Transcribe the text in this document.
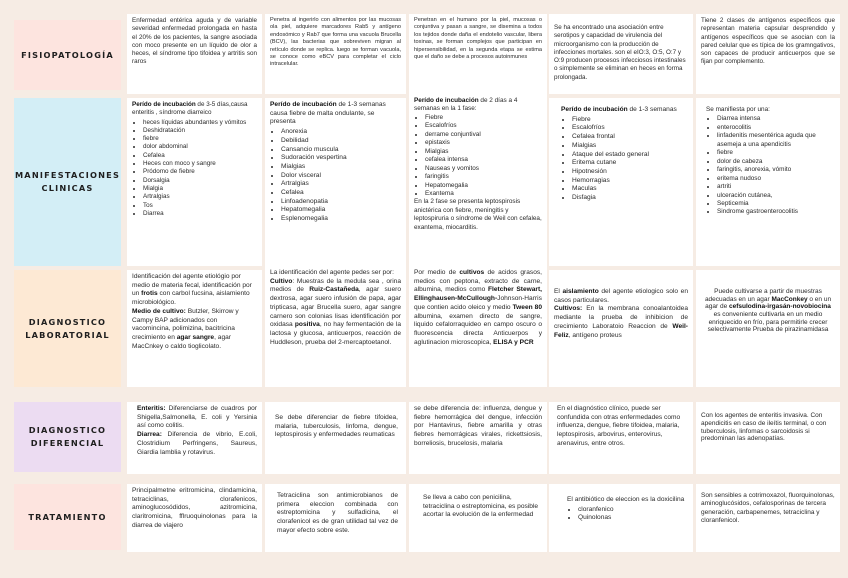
FISIOPATOLOGÍA

Enfermedad entérica aguda y de variable severidad enfermedad prolongada en hasta el 20% de los pacientes, la sangre asociada con moco presente en un líquido de olor a heces, el síndrome tipo tifoidea y artritis son raros

Penetra al ingerirlo con alimentos por las mucosas ola piel, adquiere marcadores Rab5 y antígeno endosómico y Rab7 que forma una vacuola Brucella (BCV), las bacterias que sobreviven migran al retículo donde se replica. luego se forman vacuola, se conoce como eBCV para completar el ciclo intracelular.

Penetran en el humano por la piel, mucosas o conjuntiva y pasan a sangre, se disemina a todos los tejidos donde daña el endotelio vascular, libera toxinas, se forman complejos que participan en hipersensibilidad, en la segunda etapa se estima que el daño se debe a procesos autoinmunes

Se ha encontrado una asociación entre serotipos y capacidad de virulencia del microorganismo con la producción de infecciones mortales. son el eIO:3, O:5, O:7 y O:9 producen procesos infecciosos intestinales o simplemente se eliminan en heces en forma prolongada.

Tiene 2 clases de antígenos específicos que representan materia capsular desprendido y antígenos específicos que se asocian con la pared celular que es típica de los gramngativos, son capaces de producir anticuerpos que se fijan por complemento.

MANIFESTACIONES CLINICAS

Perído de incubación de 3-5 días,causa enteritis , síndrome diarreico

• heces líquidas abundantes y vómitos
• Deshidratación
• fiebre
• dolor abdominal
• Cefalea
• Heces con moco y sangre
• Pródomo de fiebre
• Dorsalgia
• Mialgia
• Artralgias
• Tos
• Diarrea

Perído de incubación de 1-3 semanas causa fiebre de malta ondulante, se presenta

• Anorexia
• Debilidad
• Cansancio muscula
• Sudoración vespertina
• Mialgias
• Dolor visceral
• Artralgias
• Cefalea
• Linfoadenopatia
• Hepatomegalia
• Esplenomegalia

Perído de incubación de 2 días a 4 semanas en la 1 fase:

• Fiebre
• Escalofríos
• derrame conjuntival
• epistaxis
• Mialgias
• cefalea intensa
• Nauseas y vomitos
• faringitis
• Hepatomegalia
• Exantema

En la 2 fase se presenta leptospirosis anictérica con fiebre, meningitis y leptospiruria o síndrome de Weil con cefalea, exantema, miocarditis.

Perído de incubación de 1-3 semanas

• Fiebre
• Escalofríos
• Cefalea frontal
• Mialgias
• Ataque del estado general
• Eritema cutane
• Hipotnesión
• Hemorragias
• Maculas
• Disfagia

Se manifiesta por una:

• Diarrea intensa
• enterocolitis
• linfadenitis mesentérica aguda que asemeja a una apendicitis
• fiebre
• dolor de cabeza
• faringitis, anorexia, vómito
• eritema nudoso
• artriti
• ulceración cutánea,
• Septicemia
• Sindrome gastroenterocolitis
DIAGNOSTICO LABORATORIAL

Identificación del agente etiológio por medio de materia fecal, identificación por un frotis con carbol fucsina, aislamiento microbiológico.

Medio de cultivo: Butzler, Skirrow y Campy BAP adicionados con vacomincina, polimizina, bacitricina crecimiento en agar sangre, agar MacCnkey o caldo tioglicolato.

La identificación del agente pedes ser por:

Cultivo: Muestras de la medula sea , orina medios de Ruiz-Castañeda, agar suero dextrosa, agar suero infusión de papa, agar tripticasa, agar Brucella suero, agar sangre carnero son colonias lisas identificación por oxidasa positiva, no hay fermentación de la lactosa y glucosa, anticuerpos, reacción de Huddleson, prueba del 2-mercaptoetanol.

Por medio de cultivos de acidos grasos, medios con peptona, extracto de carne, albumina, medios como Fletcher Stewart, Ellinghausen-McCullough-Johnson-Harris que contien acido oleico y medio Tween 80 albumina, examen directo de sangre, liquido cefalorraquideo en campo oscuro o fluorescencia directa Anticuerpos y aglutinacion microscopica, ELISA y PCR

El aislamiento del agente etiologico solo en casos particulares.

Cultivos: En la membrana conoalantoidea mediante la prueba de inhibicion de crecimiento Laboratoio Reaccion de Weil-Feliz, antígeno proteus

Puede cultivarse a partir de muestras adecuadas en un agar MacConkey o en un agar de cefsulodina-irgasán-novobiocina es conveniente cultivarla en un medio enriquecido en frío, para permitirle crecer selectivamente Prueba de pirazinamidasa

DIAGNOSTICO DIFERENCIAL

Enteritis: Diferenciarse de cuadros por Shigella,Salmonella, E. coli y Yersinia así como colitis.

Diarrea: Diferencia de vibrio, E.coli, Clostridium Perfringens, Saureus, Giardia lamblia y rotavirus.

Se debe diferenciar de fiebre tifoidea, malaria, tuberculosis, linfoma, dengue, leptospirosis y enfermedades reumaticas

se debe diferencia de: influenza, dengue y fiebre hemorrágica del dengue, infección por Hantavirus, fiebre amarilla y otras fiebres hemorrágicas virales, rickettsiosis, borreliosis, brucelosis, malaria

En el diagnóstico clínico, puede ser confundida con otras enfermedades como influenza, dengue, fiebre tifoidea, malaria, leptospirosis, arbovirus, enterovirus, arenavirus, entre otros.

Con los agentes de enteritis invasiva. Con apendicitis en caso de ileítis terminal, o con tuberculosis, linfomas o sarcoidosis si predominan las adenopatías.

TRATAMIENTO

Principalmetne eritromicina, clindamicina, tetraciclinas, clorafenicos, aminoglucosódidos, azitromicina, claritromicina, fflruoquinolonas para la diarrea de viajero

Tetraciclina son antimicrobianos de primera eleccion combinada con estreptomicina y sulfadicina, el clorafenicol es de gran utilidad tal vez de mayor efecto sobre este.

Se lleva a cabo con penicilina, tetraciclina o estreptomicina, es posible acortar la evolución de la enfermedad

El antibiótico de eleccion es la doxicilina

• cloranfenico
• Quinolonas

Son sensibles a cotrimoxazol, fluorquinolonas, aminoglucósidos, cefalosporinas de tercera generación, carbapenemes, tetraciclina y cloranfenicol.
